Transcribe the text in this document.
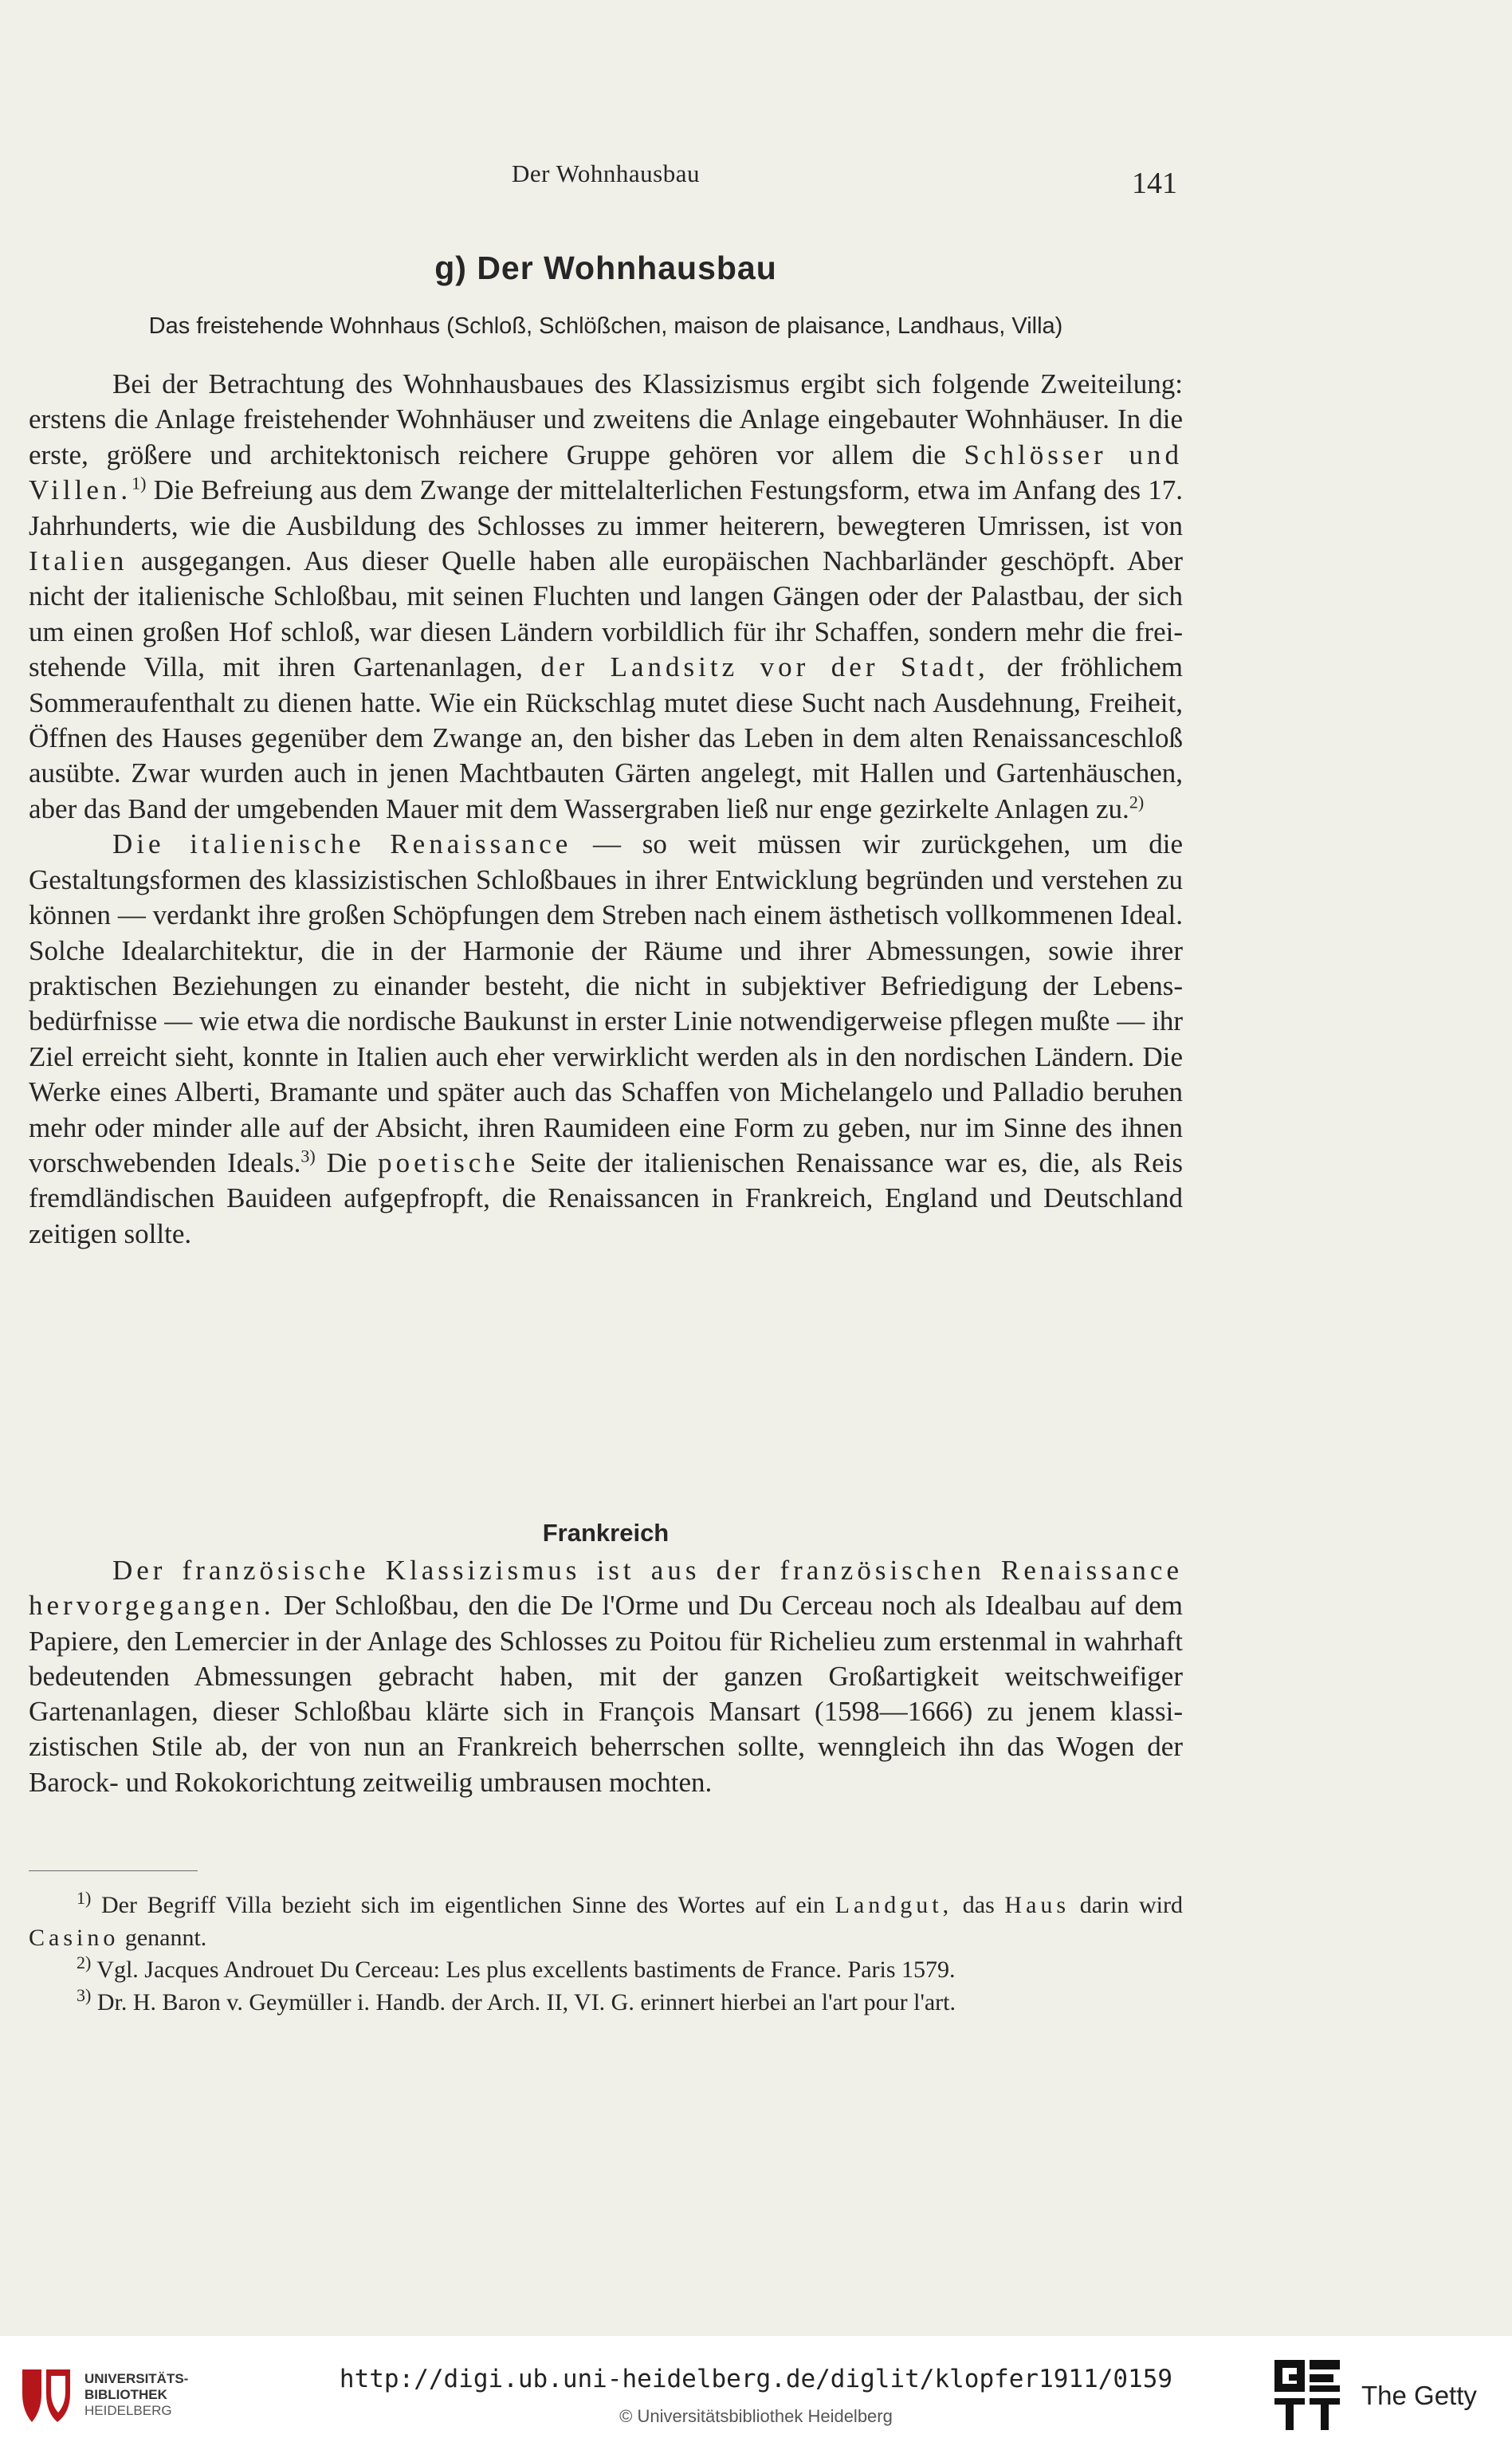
Der Wohnhausbau	141
g) Der Wohnhausbau
Das freistehende Wohnhaus (Schloß, Schlößchen, maison de plaisance, Landhaus, Villa)

Bei der Betrachtung des Wohnhausbaues des Klassizismus ergibt sich folgende Zweiteilung: erstens die Anlage freistehender Wohnhäuser und zweitens die Anlage eingebauter Wohnhäuser. In die erste, größere und architektonisch reichere Gruppe gehören vor allem die Schlösser und Villen.$^{1)}$ Die Befreiung aus dem Zwange der mittelalterlichen Festungsform, etwa im Anfang des 17. Jahrhunderts, wie die Ausbildung des Schlosses zu immer heiterern, bewegteren Umrissen, ist von Italien ausgegangen. Aus dieser Quelle haben alle europäischen Nachbarländer geschöpft. Aber nicht der italienische Schloßbau, mit seinen Fluchten und langen Gängen oder der Palastbau, der sich um einen großen Hof schloß, war diesen Ländern vorbildlich für ihr Schaffen, sondern mehr die freistehende Villa, mit ihren Gartenanlagen, der Landsitz vor der Stadt, der fröhlichem Sommeraufenthalt zu dienen hatte. Wie ein Rückschlag mutet diese Sucht nach Ausdehnung, Freiheit, Öffnen des Hauses gegenüber dem Zwange an, den bisher das Leben in dem alten Renaissanceschloß ausübte. Zwar wurden auch in jenen Machtbauten Gärten angelegt, mit Hallen und Gartenhäuschen, aber das Band der umgebenden Mauer mit dem Wassergraben ließ nur enge gezirkelte Anlagen zu.$^{2)}$

Die italienische Renaissance — so weit müssen wir zurückgehen, um die Gestaltungsformen des klassizistischen Schloßbaues in ihrer Entwicklung begründen und verstehen zu können — verdankt ihre großen Schöpfungen dem Streben nach einem ästhetisch vollkommenen Ideal. Solche Idealarchitektur, die in der Harmonie der Räume und ihrer Abmessungen, sowie ihrer praktischen Beziehungen zu einander besteht, die nicht in subjektiver Befriedigung der Lebensbedürfnisse — wie etwa die nordische Baukunst in erster Linie notwendigerweise pflegen mußte — ihr Ziel erreicht sieht, konnte in Italien auch eher verwirklicht werden als in den nordischen Ländern. Die Werke eines Alberti, Bramante und später auch das Schaffen von Michelangelo und Palladio beruhen mehr oder minder alle auf der Absicht, ihren Raumideen eine Form zu geben, nur im Sinne des ihnen vorschwebenden Ideals.$^{3)}$ Die poetische Seite der italienischen Renaissance war es, die, als Reis fremdländischen Bauideen aufgepfropft, die Renaissancen in Frankreich, England und Deutschland zeitigen sollte.

Frankreich

Der französische Klassizismus ist aus der französischen Renaissance hervorgegangen. Der Schloßbau, den die De l'Orme und Du Cerceau noch als Idealbau auf dem Papiere, den Lemercier in der Anlage des Schlosses zu Poitou für Richelieu zum erstenmal in wahrhaft bedeutenden Abmessungen gebracht haben, mit der ganzen Großartigkeit weitschweifiger Gartenanlagen, dieser Schloßbau klärte sich in François Mansart (1598—1666) zu jenem klassizistischen Stile ab, der von nun an Frankreich beherrschen sollte, wenngleich ihn das Wogen der Barock- und Rokokorichtung zeitweilig umbrausen mochten.

$^{1)}$ Der Begriff Villa bezieht sich im eigentlichen Sinne des Wortes auf ein Landgut, das Haus darin wird Casino genannt.

$^{2)}$ Vgl. Jacques Androuet Du Cerceau: Les plus excellents bastiments de France. Paris 1579.

$^{3)}$ Dr. H. Baron v. Geymüller i. Handb. der Arch. II, VI. G. erinnert hierbei an l'art pour l'art.

UNIVERSITÄTS-
BIBLIOTHEK
HEIDELBERG
http://digi.ub.uni-heidelberg.de/diglit/klopfer1911/0159
© Universitätsbibliothek Heidelberg
The Getty
